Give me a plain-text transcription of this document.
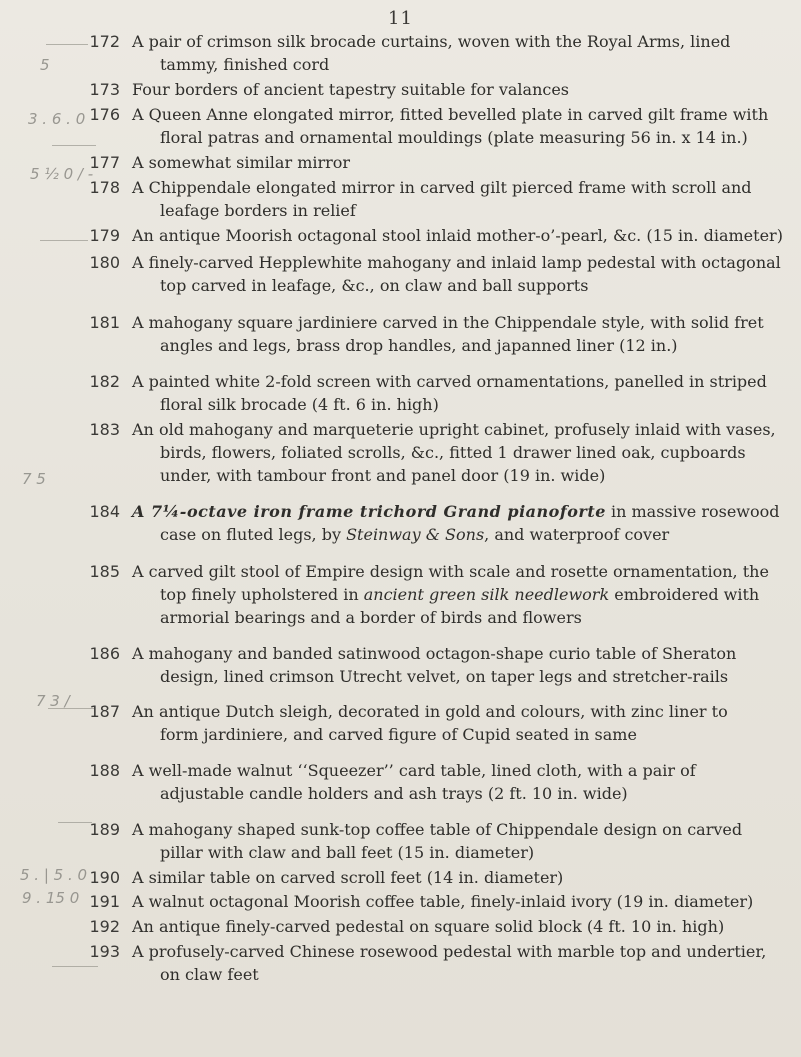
11
5
3 . 6 . 0
5 ½ 0 / -
7 5
7 3 /
5 . | 5 . 0
9 . 15 0
172 A pair of crimson silk brocade curtains, woven with the Royal Arms, lined
tammy, finished cord
173 Four borders of ancient tapestry suitable for valances
176 A Queen Anne elongated mirror, fitted bevelled plate in carved gilt frame with
floral patras and ornamental mouldings (plate measuring 56 in. x 14 in.)
177 A somewhat similar mirror
178 A Chippendale elongated mirror in carved gilt pierced frame with scroll and
leafage borders in relief
179 An antique Moorish octagonal stool inlaid mother-o’-pearl, &c. (15 in. diameter)
180 A finely-carved Hepplewhite mahogany and inlaid lamp pedestal with octagonal
top carved in leafage, &c., on claw and ball supports
181 A mahogany square jardiniere carved in the Chippendale style, with solid fret
angles and legs, brass drop handles, and japanned liner (12 in.)
182 A painted white 2-fold screen with carved ornamentations, panelled in striped
floral silk brocade (4 ft. 6 in. high)
183 An old mahogany and marqueterie upright cabinet, profusely inlaid with vases,
birds, flowers, foliated scrolls, &c., fitted 1 drawer lined oak, cupboards
under, with tambour front and panel door (19 in. wide)
184 A 7¼-octave iron frame trichord Grand pianoforte in massive rosewood
case on fluted legs, by Steinway & Sons, and waterproof cover
185 A carved gilt stool of Empire design with scale and rosette ornamentation, the
top finely upholstered in ancient green silk needlework embroidered with
armorial bearings and a border of birds and flowers
186 A mahogany and banded satinwood octagon-shape curio table of Sheraton
design, lined crimson Utrecht velvet, on taper legs and stretcher-rails
187 An antique Dutch sleigh, decorated in gold and colours, with zinc liner to
form jardiniere, and carved figure of Cupid seated in same
188 A well-made walnut ‘‘Squeezer’’ card table, lined cloth, with a pair of
adjustable candle holders and ash trays (2 ft. 10 in. wide)
189 A mahogany shaped sunk-top coffee table of Chippendale design on carved
pillar with claw and ball feet (15 in. diameter)
190 A similar table on carved scroll feet (14 in. diameter)
191 A walnut octagonal Moorish coffee table, finely-inlaid ivory (19 in. diameter)
192 An antique finely-carved pedestal on square solid block (4 ft. 10 in. high)
193 A profusely-carved Chinese rosewood pedestal with marble top and undertier,
on claw feet
